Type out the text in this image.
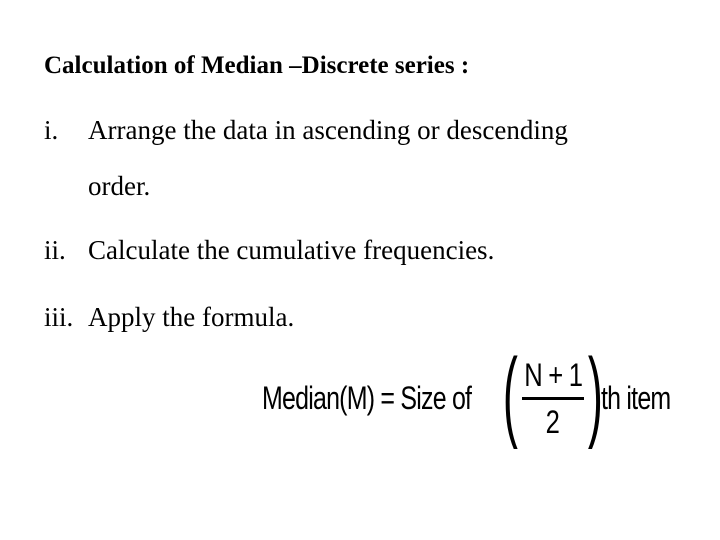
Calculation of Median –Discrete series :
i. Arrange the data in ascending or descending
order.
ii. Calculate the cumulative frequencies.
iii. Apply the formula.
Median(M) = Size of (
$\frac{N + 1}{2}$
)
th item
